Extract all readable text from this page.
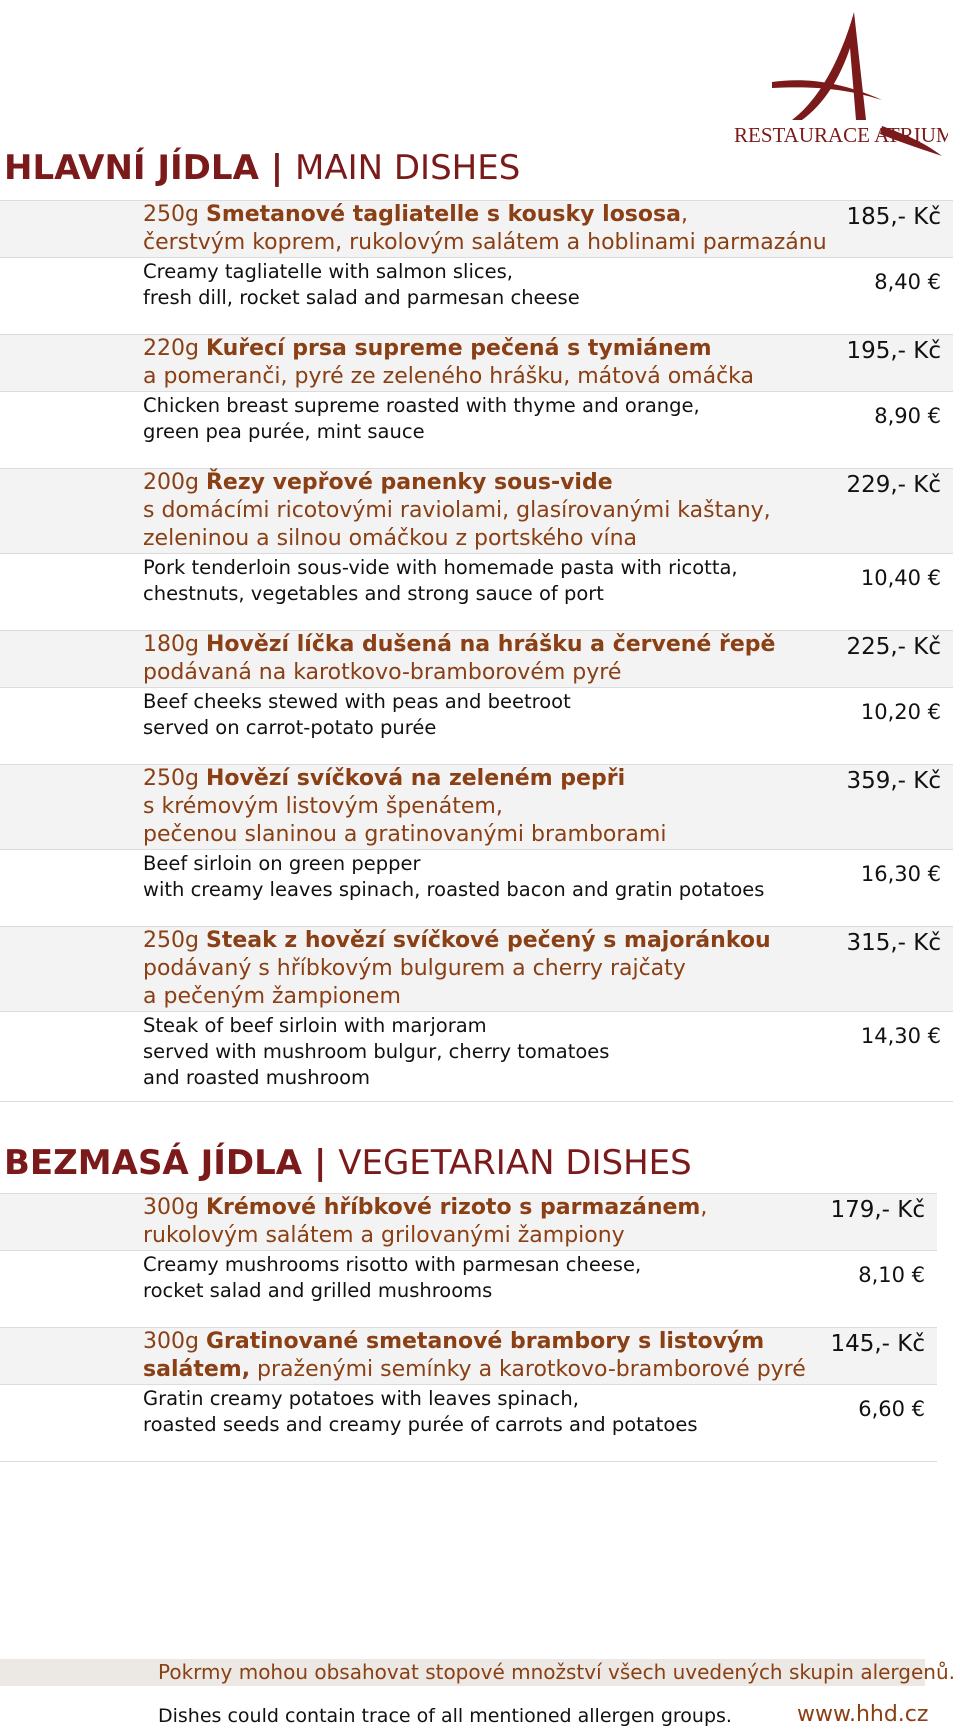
RESTAURACE ATRIUM
HLAVNÍ JÍDLA | MAIN DISHES
250g Smetanové tagliatelle s kousky lososa,
čerstvým koprem, rukolovým salátem a hoblinami parmazánu
185,- Kč
Creamy tagliatelle with salmon slices,
fresh dill, rocket salad and parmesan cheese
8,40 €
220g Kuřecí prsa supreme pečená s tymiánem
a pomeranči, pyré ze zeleného hrášku, mátová omáčka
195,- Kč
Chicken breast supreme roasted with thyme and orange,
green pea purée, mint sauce
8,90 €
200g Řezy vepřové panenky sous-vide
s domácími ricotovými raviolami, glasírovanými kaštany,
zeleninou a silnou omáčkou z portského vína
229,- Kč
Pork tenderloin sous-vide with homemade pasta with ricotta,
chestnuts, vegetables and strong sauce of port
10,40 €
180g Hovězí líčka dušená na hrášku a červené řepě
podávaná na karotkovo-bramborovém pyré
225,- Kč
Beef cheeks stewed with peas and beetroot
served on carrot-potato purée
10,20 €
250g Hovězí svíčková na zeleném pepři
s krémovým listovým špenátem,
pečenou slaninou a gratinovanými bramborami
359,- Kč
Beef sirloin on green pepper
with creamy leaves spinach, roasted bacon and gratin potatoes
16,30 €
250g Steak z hovězí svíčkové pečený s majoránkou
podávaný s hříbkovým bulgurem a cherry rajčaty
a pečeným žampionem
315,- Kč
Steak of beef sirloin with marjoram
served with mushroom bulgur, cherry tomatoes
and roasted mushroom
14,30 €
BEZMASÁ JÍDLA | VEGETARIAN DISHES
300g Krémové hříbkové rizoto s parmazánem,
rukolovým salátem a grilovanými žampiony
179,- Kč
Creamy mushrooms risotto with parmesan cheese,
rocket salad and grilled mushrooms
8,10 €
300g Gratinované smetanové brambory s listovým
salátem, praženými semínky a karotkovo-bramborové pyré
145,- Kč
Gratin creamy potatoes with leaves spinach,
roasted seeds and creamy purée of carrots and potatoes
6,60 €
Pokrmy mohou obsahovat stopové množství všech uvedených skupin alergenů.
Dishes could contain trace of all mentioned allergen groups.	www.hhd.cz
